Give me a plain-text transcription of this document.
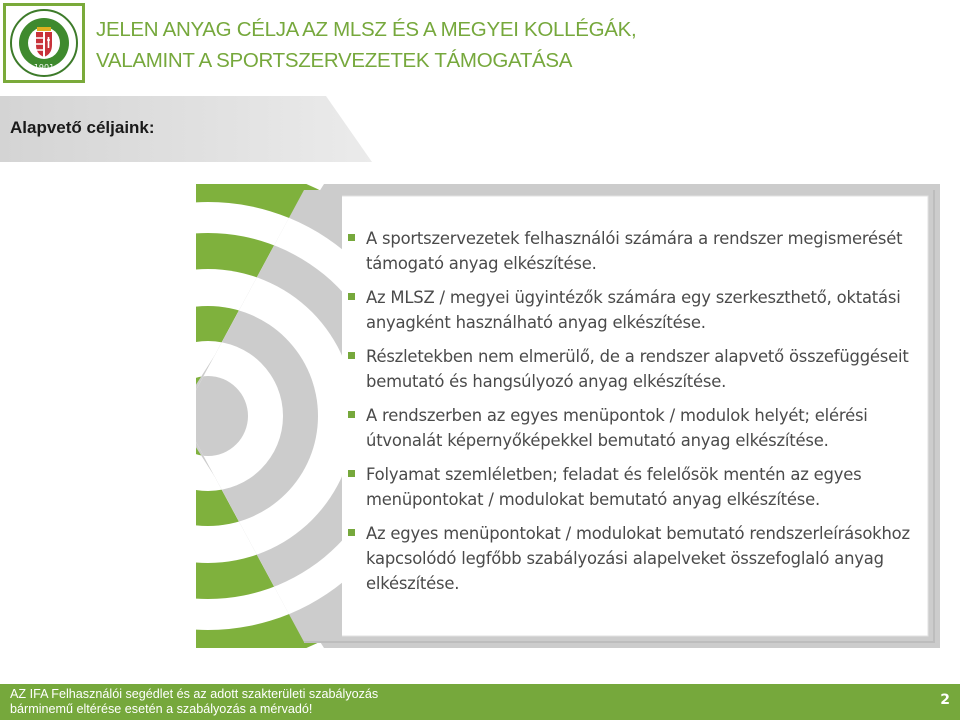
1901
JELEN ANYAG CÉLJA AZ MLSZ ÉS A MEGYEI KOLLÉGÁK,
VALAMINT A SPORTSZERVEZETEK TÁMOGATÁSA
Alapvető céljaink:
A sportszervezetek felhasználói számára a rendszer megismerését támogató anyag elkészítése.
Az MLSZ / megyei ügyintézők számára egy szerkeszthető, oktatási anyagként használható anyag elkészítése.
Részletekben nem elmerülő, de a rendszer alapvető összefüggéseit bemutató és hangsúlyozó anyag elkészítése.
A rendszerben az egyes menüpontok / modulok helyét; elérési útvonalát képernyőképekkel bemutató anyag elkészítése.
Folyamat szemléletben; feladat és felelősök mentén az egyes menüpontokat / modulokat bemutató anyag elkészítése.
Az egyes menüpontokat / modulokat bemutató rendszerleírásokhoz kapcsolódó legfőbb szabályozási alapelveket összefoglaló anyag elkészítése.
AZ IFA Felhasználói segédlet és az adott szakterületi szabályozás
bárminemű eltérése esetén a szabályozás a mérvadó!
2
